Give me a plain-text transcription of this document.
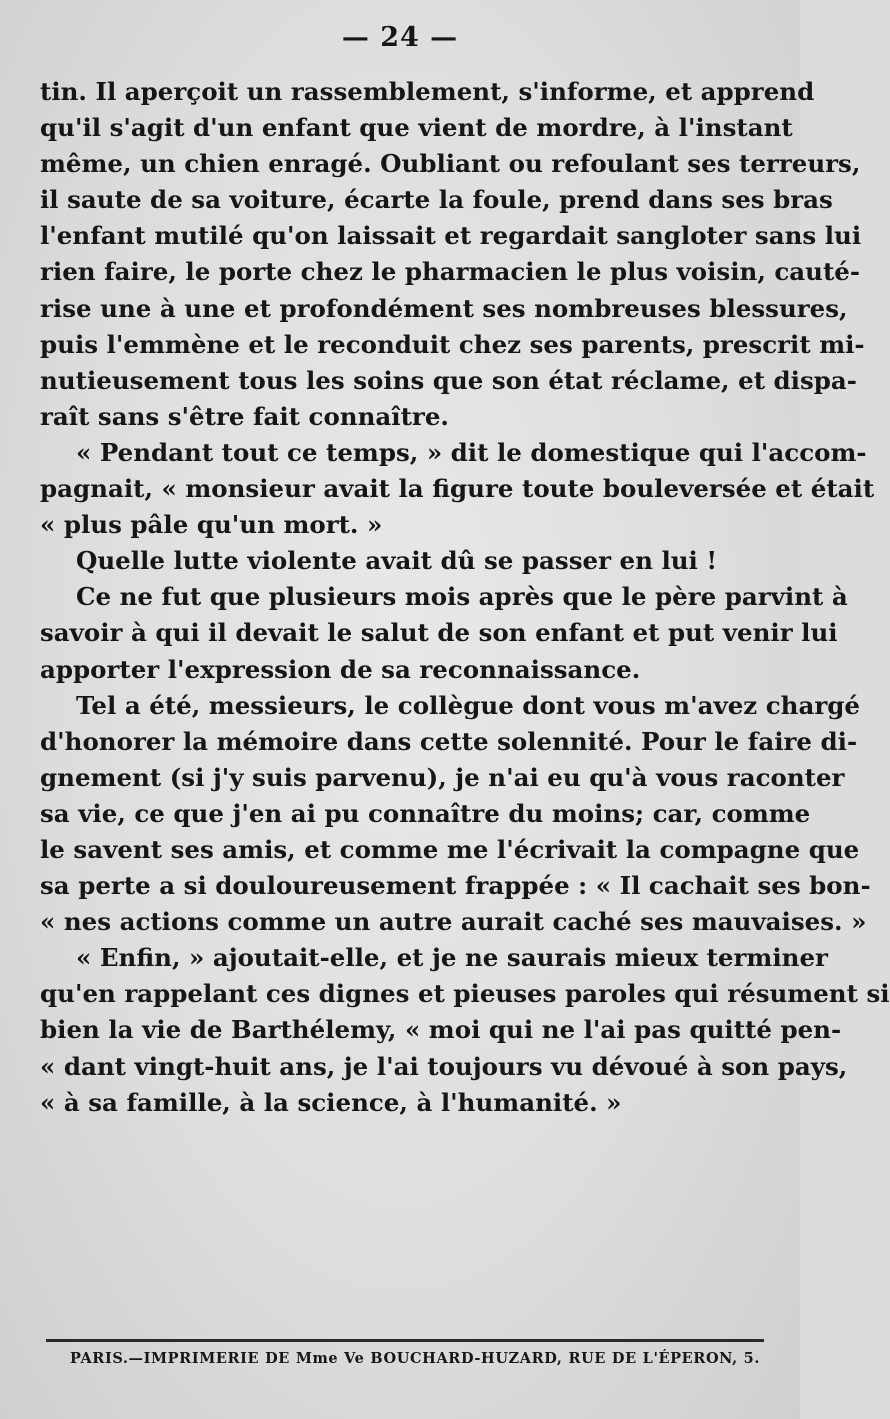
— 24 —
tin. Il aperçoit un rassemblement, s'informe, et apprend
qu'il s'agit d'un enfant que vient de mordre, à l'instant
même, un chien enragé. Oubliant ou refoulant ses terreurs,
il saute de sa voiture, écarte la foule, prend dans ses bras
l'enfant mutilé qu'on laissait et regardait sangloter sans lui
rien faire, le porte chez le pharmacien le plus voisin, cauté-
rise une à une et profondément ses nombreuses blessures,
puis l'emmène et le reconduit chez ses parents, prescrit mi-
nutieusement tous les soins que son état réclame, et dispa-
raît sans s'être fait connaître.
« Pendant tout ce temps, » dit le domestique qui l'accom-
pagnait, « monsieur avait la figure toute bouleversée et était
« plus pâle qu'un mort. »
Quelle lutte violente avait dû se passer en lui !
Ce ne fut que plusieurs mois après que le père parvint à
savoir à qui il devait le salut de son enfant et put venir lui
apporter l'expression de sa reconnaissance.
Tel a été, messieurs, le collègue dont vous m'avez chargé
d'honorer la mémoire dans cette solennité. Pour le faire di-
gnement (si j'y suis parvenu), je n'ai eu qu'à vous raconter
sa vie, ce que j'en ai pu connaître du moins; car, comme
le savent ses amis, et comme me l'écrivait la compagne que
sa perte a si douloureusement frappée : « Il cachait ses bon-
« nes actions comme un autre aurait caché ses mauvaises. »
« Enfin, » ajoutait-elle, et je ne saurais mieux terminer
qu'en rappelant ces dignes et pieuses paroles qui résument si
bien la vie de Barthélemy, « moi qui ne l'ai pas quitté pen-
« dant vingt-huit ans, je l'ai toujours vu dévoué à son pays,
« à sa famille, à la science, à l'humanité. »
PARIS.—IMPRIMERIE DE Mme Ve BOUCHARD-HUZARD, RUE DE L'ÉPERON, 5.
